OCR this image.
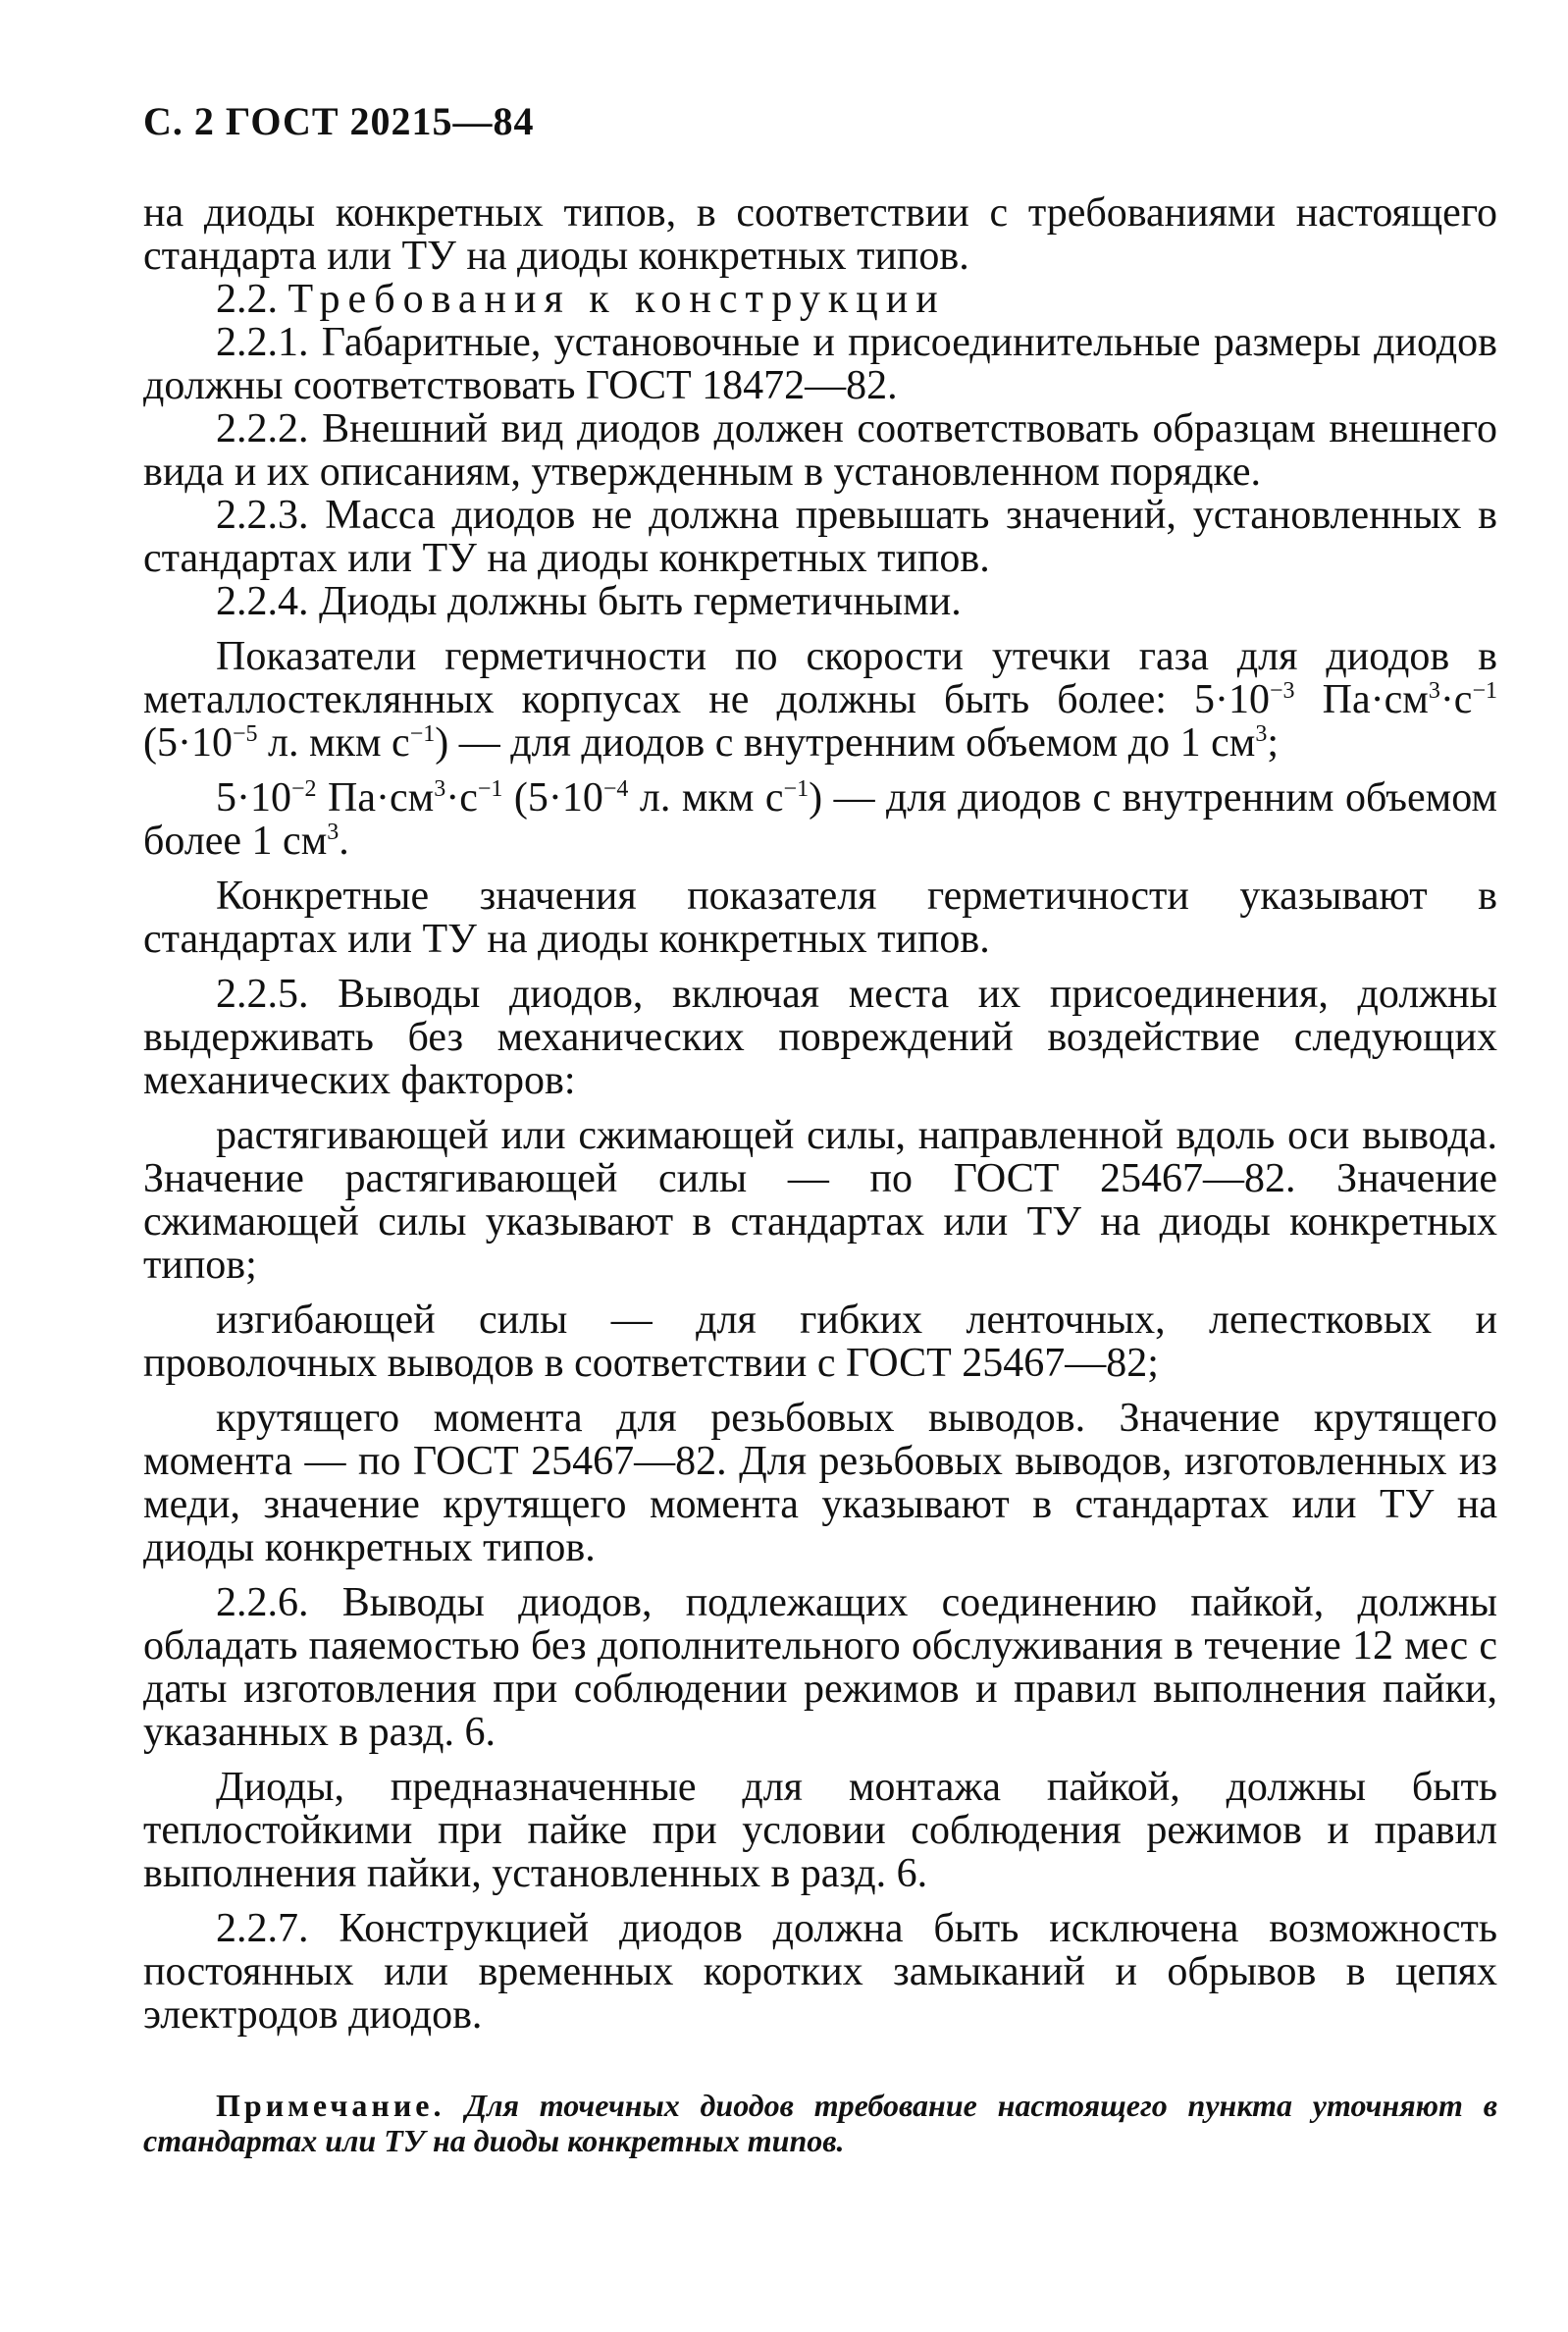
С. 2 ГОСТ 20215—84

на диоды конкретных типов, в соответствии с требованиями настоящего стандарта или ТУ на диоды конкретных типов.

2.2. Требования к конструкции

2.2.1. Габаритные, установочные и присоединительные размеры диодов должны соответствовать ГОСТ 18472—82.

2.2.2. Внешний вид диодов должен соответствовать образцам внешнего вида и их описаниям, утвержденным в установленном порядке.

2.2.3. Масса диодов не должна превышать значений, установленных в стандартах или ТУ на диоды конкретных типов.

2.2.4. Диоды должны быть герметичными.

Показатели герметичности по скорости утечки газа для диодов в металлостеклянных корпусах не должны быть более: $5\cdot 10^{-3}$ $Па\cdot см^3\cdot с^{-1}$ ($5\cdot 10^{-5}$ л. мкм $с^{-1}$) — для диодов с внутренним объемом до 1 $см^3$;

$5\cdot 10^{-2}$ $Па\cdot см^3\cdot с^{-1}$ ($5\cdot 10^{-4}$ л. мкм $с^{-1}$) — для диодов с внутренним объемом более 1 $см^3$.

Конкретные значения показателя герметичности указывают в стандартах или ТУ на диоды конкретных типов.

2.2.5. Выводы диодов, включая места их присоединения, должны выдерживать без механических повреждений воздействие следующих механических факторов:

растягивающей или сжимающей силы, направленной вдоль оси вывода. Значение растягивающей силы — по ГОСТ 25467—82. Значение сжимающей силы указывают в стандартах или ТУ на диоды конкретных типов;

изгибающей силы — для гибких ленточных, лепестковых и проволочных выводов в соответствии с ГОСТ 25467—82;

крутящего момента для резьбовых выводов. Значение крутящего момента — по ГОСТ 25467—82. Для резьбовых выводов, изготовленных из меди, значение крутящего момента указывают в стандартах или ТУ на диоды конкретных типов.

2.2.6. Выводы диодов, подлежащих соединению пайкой, должны обладать паяемостью без дополнительного обслуживания в течение 12 мес с даты изготовления при соблюдении режимов и правил выполнения пайки, указанных в разд. 6.

Диоды, предназначенные для монтажа пайкой, должны быть теплостойкими при пайке при условии соблюдения режимов и правил выполнения пайки, установленных в разд. 6.

2.2.7. Конструкцией диодов должна быть исключена возможность постоянных или временных коротких замыканий и обрывов в цепях электродов диодов.

Примечание. Для точечных диодов требование настоящего пункта уточняют в стандартах или ТУ на диоды конкретных типов.
